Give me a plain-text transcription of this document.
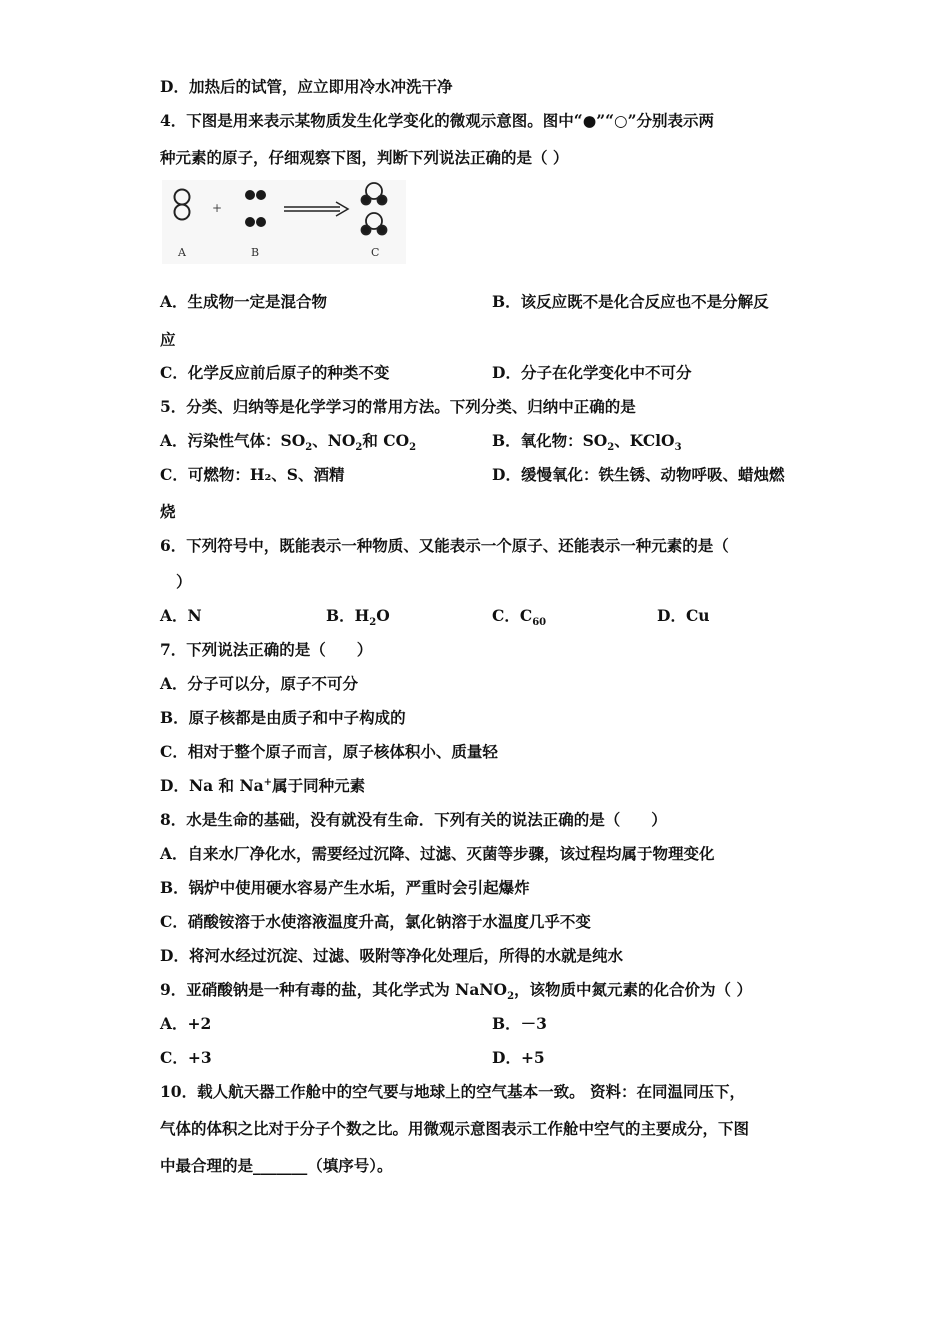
D．加热后的试管，应立即用冷水冲洗干净
4．下图是用来表示某物质发生化学变化的微观示意图。图中“●”“○”分别表示两
种元素的原子，仔细观察下图，判断下列说法正确的是（ ）
+
A	B	C
A．生成物一定是混合物	B．该反应既不是化合反应也不是分解反
应
C．化学反应前后原子的种类不变	D．分子在化学变化中不可分
5．分类、归纳等是化学学习的常用方法。下列分类、归纳中正确的是
A．污染性气体：$SO_2$、$NO_2$和 $CO_2$	B．氧化物：$SO_2$、KClO$_3$
C．可燃物：H₂、S、酒精	D．缓慢氧化：铁生锈、动物呼吸、蜡烛燃
烧
6．下列符号中，既能表示一种物质、又能表示一个原子、还能表示一种元素的是（
）
A．N	B．$H_2O$	C．$C_{60}$	D．Cu
7．下列说法正确的是（　　）
A．分子可以分，原子不可分
B．原子核都是由质子和中子构成的
C．相对于整个原子而言，原子核体积小、质量轻
D．Na 和 Na+属于同种元素
8．水是生命的基础，没有就没有生命．下列有关的说法正确的是（　　）
A．自来水厂净化水，需要经过沉降、过滤、灭菌等步骤，该过程均属于物理变化
B．锅炉中使用硬水容易产生水垢，严重时会引起爆炸
C．硝酸铵溶于水使溶液温度升高，氯化钠溶于水温度几乎不变
D．将河水经过沉淀、过滤、吸附等净化处理后，所得的水就是纯水
9．亚硝酸钠是一种有毒的盐，其化学式为 NaNO$_2$，该物质中氮元素的化合价为（ ）
A．+2	B．－3
C．+3	D．+5
10．载人航天器工作舱中的空气要与地球上的空气基本一致。 资料：在同温同压下，
气体的体积之比对于分子个数之比。用微观示意图表示工作舱中空气的主要成分，下图
中最合理的是_______（填序号）。
